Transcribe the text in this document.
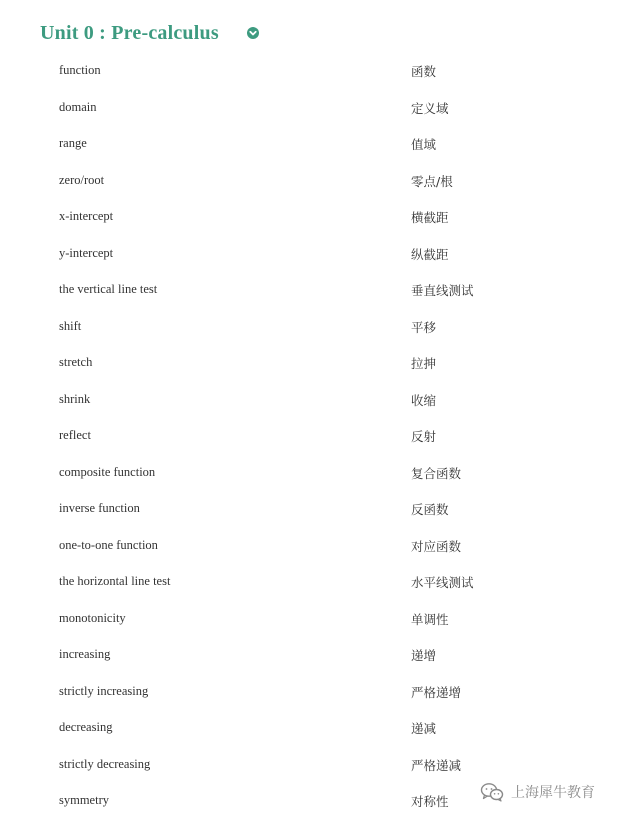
Unit 0 : Pre-calculus
function	函数
domain	定义域
range	值域
zero/root	零点/根
x-intercept	横截距
y-intercept	纵截距
the vertical line test	垂直线测试
shift	平移
stretch	拉抻
shrink	收缩
reflect	反射
composite function	复合函数
inverse function	反函数
one-to-one function	对应函数
the horizontal line test	水平线测试
monotonicity	单调性
increasing	递增
strictly increasing	严格递增
decreasing	递减
strictly decreasing	严格递减
symmetry	对称性
上海犀牛教育
